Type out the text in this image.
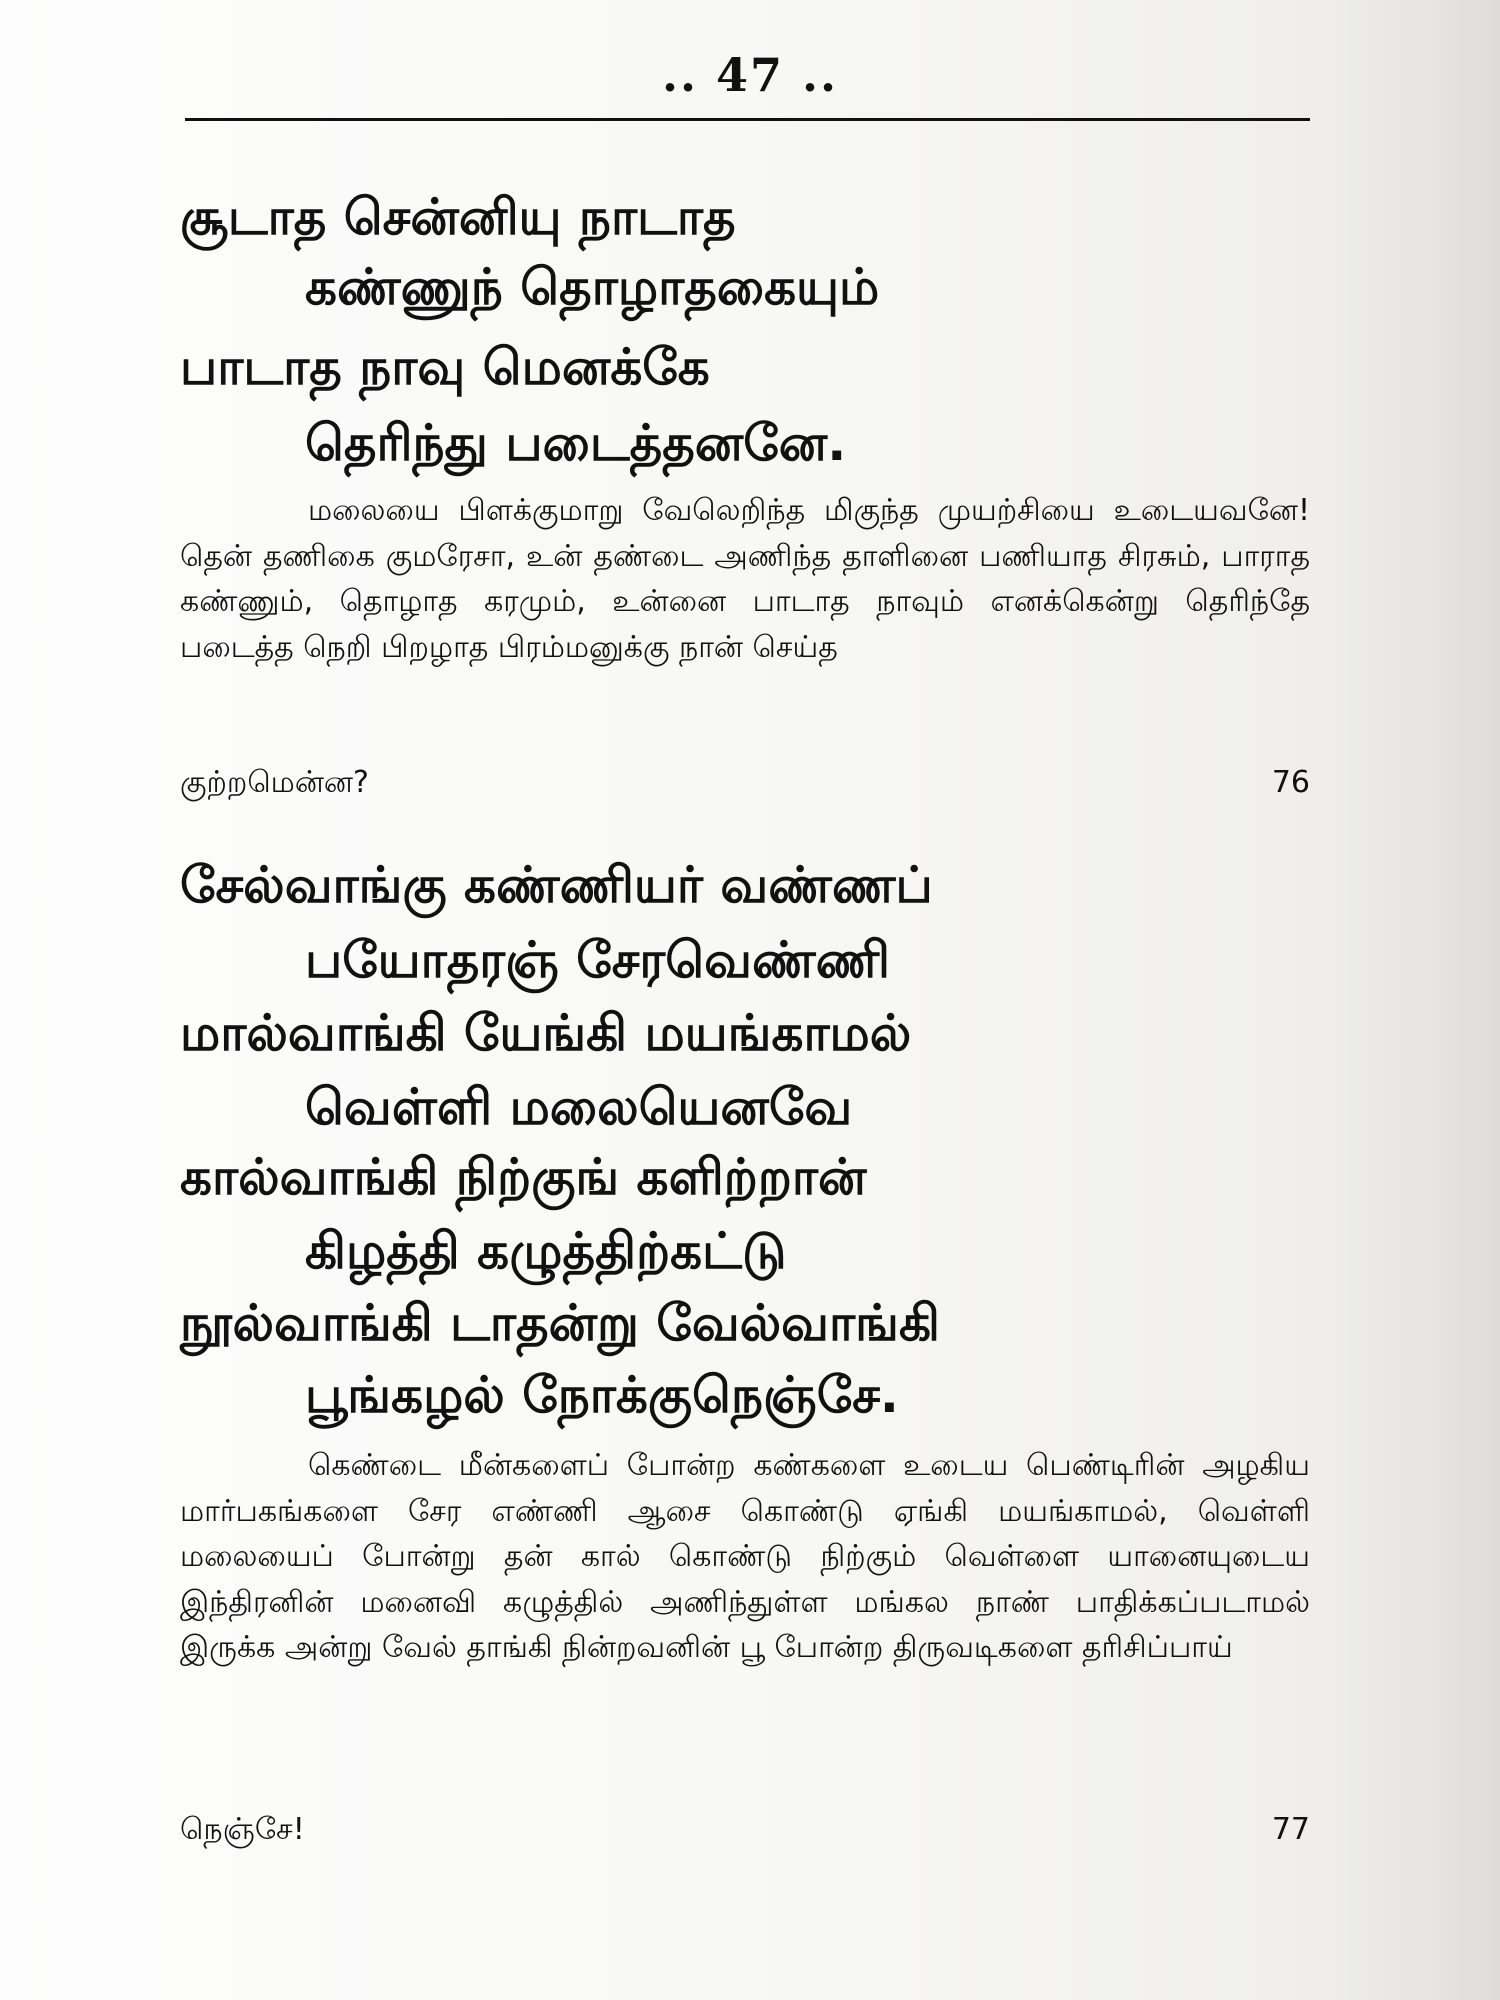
.. 47 ..
சூடாத சென்னியு நாடாத
கண்ணுந் தொழாதகையும்
பாடாத நாவு மெனக்கே
தெரிந்து படைத்தனனே.

மலையை பிளக்குமாறு வேலெறிந்த மிகுந்த முயற்சியை உடையவனே! தென் தணிகை குமரேசா, உன் தண்டை அணிந்த தாளினை பணியாத சிரசும், பாராத கண்ணும், தொழாத கரமும், உன்னை பாடாத நாவும் எனக்கென்று தெரிந்தே படைத்த நெறி பிறழாத பிரம்மனுக்கு நான் செய்த

குற்றமென்ன?	76
சேல்வாங்கு கண்ணியர் வண்ணப்
பயோதரஞ் சேரவெண்ணி
மால்வாங்கி யேங்கி மயங்காமல்
வெள்ளி மலையெனவே
கால்வாங்கி நிற்குங் களிற்றான்
கிழத்தி கழுத்திற்கட்டு
நூல்வாங்கி டாதன்று வேல்வாங்கி
பூங்கழல் நோக்குநெஞ்சே.

கெண்டை மீன்களைப் போன்ற கண்களை உடைய பெண்டிரின் அழகிய மார்பகங்களை சேர எண்ணி ஆசை கொண்டு ஏங்கி மயங்காமல், வெள்ளி மலையைப் போன்று தன் கால் கொண்டு நிற்கும் வெள்ளை யானையுடைய இந்திரனின் மனைவி கழுத்தில் அணிந்துள்ள மங்கல நாண் பாதிக்கப்படாமல் இருக்க அன்று வேல் தாங்கி நின்றவனின் பூ போன்ற திருவடிகளை தரிசிப்பாய்

நெஞ்சே!	77
